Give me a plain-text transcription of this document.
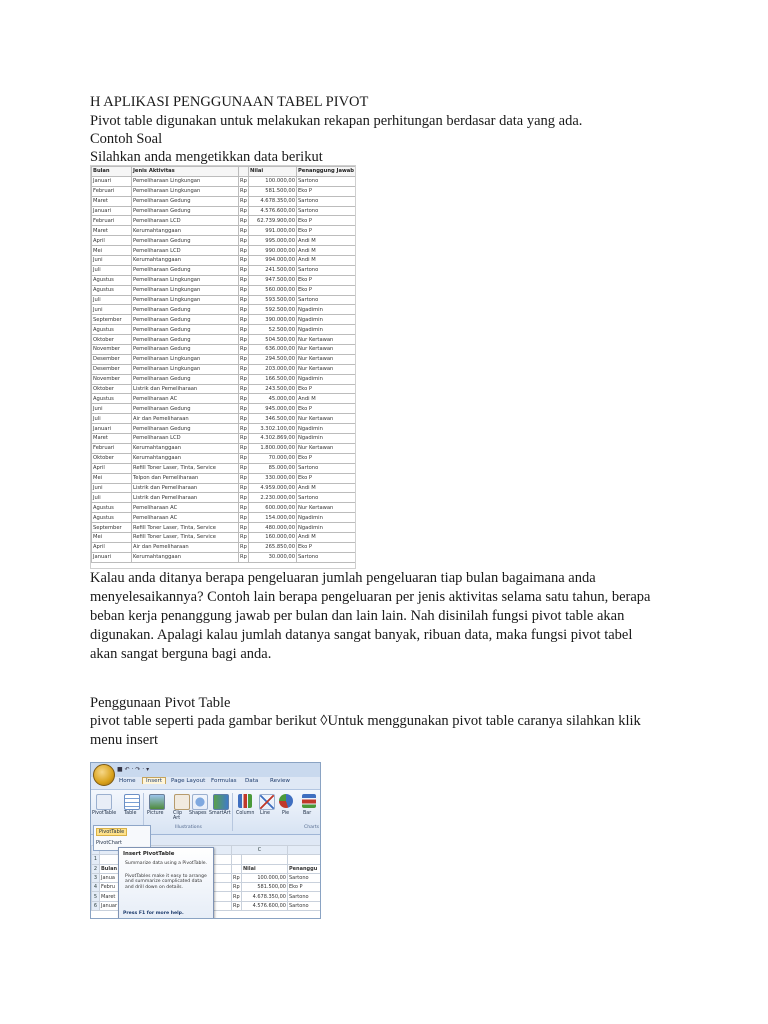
H APLIKASI PENGGUNAAN TABEL PIVOT
Pivot table digunakan untuk melakukan rekapan perhitungan berdasar data yang ada.
Contoh Soal
Silahkan anda mengetikkan data berikut
Bulan	Jenis Aktivitas		Nilai	Penanggung Jawab
Januari	Pemeliharaan Lingkungan	Rp	100.000,00	Sartono
Februari	Pemeliharaan Lingkungan	Rp	581.500,00	Eko P
Maret	Pemeliharaan Gedung	Rp	4.678.350,00	Sartono
Januari	Pemeliharaan Gedung	Rp	4.576.600,00	Sartono
Februari	Pemeliharaan LCD	Rp	62.739.900,00	Eko P
Maret	Kerumahtanggaan	Rp	991.000,00	Eko P
April	Pemeliharaan Gedung	Rp	995.000,00	Andi M
Mei	Pemeliharaan LCD	Rp	990.000,00	Andi M
Juni	Kerumahtanggaan	Rp	994.000,00	Andi M
Juli	Pemeliharaan Gedung	Rp	241.500,00	Sartono
Agustus	Pemeliharaan Lingkungan	Rp	947.500,00	Eko P
Agustus	Pemeliharaan Lingkungan	Rp	560.000,00	Eko P
Juli	Pemeliharaan Lingkungan	Rp	593.500,00	Sartono
Juni	Pemeliharaan Gedung	Rp	592.500,00	Ngadimin
September	Pemeliharaan Gedung	Rp	390.000,00	Ngadimin
Agustus	Pemeliharaan Gedung	Rp	52.500,00	Ngadimin
Oktober	Pemeliharaan Gedung	Rp	504.500,00	Nur Kertawan
November	Pemeliharaan Gedung	Rp	636.000,00	Nur Kertawan
Desember	Pemeliharaan Lingkungan	Rp	294.500,00	Nur Kertawan
Desember	Pemeliharaan Lingkungan	Rp	203.000,00	Nur Kertawan
November	Pemeliharaan Gedung	Rp	166.500,00	Ngadimin
Oktober	Listrik dan Pemeliharaan	Rp	243.500,00	Eko P
Agustus	Pemeliharaan AC	Rp	45.000,00	Andi M
Juni	Pemeliharaan Gedung	Rp	945.000,00	Eko P
Juli	Air dan Pemeliharaan	Rp	346.500,00	Nur Kertawan
Januari	Pemeliharaan Gedung	Rp	3.302.100,00	Ngadimin
Maret	Pemeliharaan LCD	Rp	4.302.869,00	Ngadimin
Februari	Kerumahtanggaan	Rp	1.800.000,00	Nur Kertawan
Oktober	Kerumahtanggaan	Rp	70.000,00	Eko P
April	Refill Toner Laser, Tinta, Service	Rp	85.000,00	Sartono
Mei	Telpon dan Pemeliharaan	Rp	330.000,00	Eko P
Juni	Listrik dan Pemeliharaan	Rp	4.959.000,00	Andi M
Juli	Listrik dan Pemeliharaan	Rp	2.230.000,00	Sartono
Agustus	Pemeliharaan AC	Rp	600.000,00	Nur Kertawan
Agustus	Pemeliharaan AC	Rp	154.000,00	Ngadimin
September	Refill Toner Laser, Tinta, Service	Rp	480.000,00	Ngadimin
Mei	Refill Toner Laser, Tinta, Service	Rp	160.000,00	Andi M
April	Air dan Pemeliharaan	Rp	265.850,00	Eko P
Januari	Kerumahtanggaan	Rp	30.000,00	Sartono
Kalau anda ditanya berapa pengeluaran jumlah pengeluaran tiap bulan bagaimana anda
menyelesaikannya? Contoh lain berapa pengeluaran per jenis aktivitas selama satu tahun, berapa
beban kerja penanggung jawab per bulan dan lain lain. Nah disinilah fungsi pivot table akan
digunakan. Apalagi kalau jumlah datanya sangat banyak, ribuan data, maka fungsi pivot tabel
akan sangat berguna bagi anda.
Penggunaan Pivot Table
pivot table seperti pada gambar berikut ◊Untuk menggunakan pivot table caranya silahkan klik
menu insert
■ ↶ · ↷ · ▾
Home	Insert	Page Layout Formulas Data Review
PivotTable Table Picture Clip Art
Shapes SmartArt
Illustrations
Column Line	Pie	Bar
Charts
			C		
1					
2	Bulan			Nilai	Penanggu
3	Janua		Rp	100.000,00	Sartono
4	Febru		Rp	581.500,00	Eko P
5	Maret		Rp	4.678.350,00	Sartono
6	Januar		Rp	4.576.600,00	Sartono
PivotTable
PivotChart
Insert PivotTable
Summarize data using a PivotTable.
PivotTables make it easy to arrange and summarize complicated data and drill down on details.
Press F1 for more help.
